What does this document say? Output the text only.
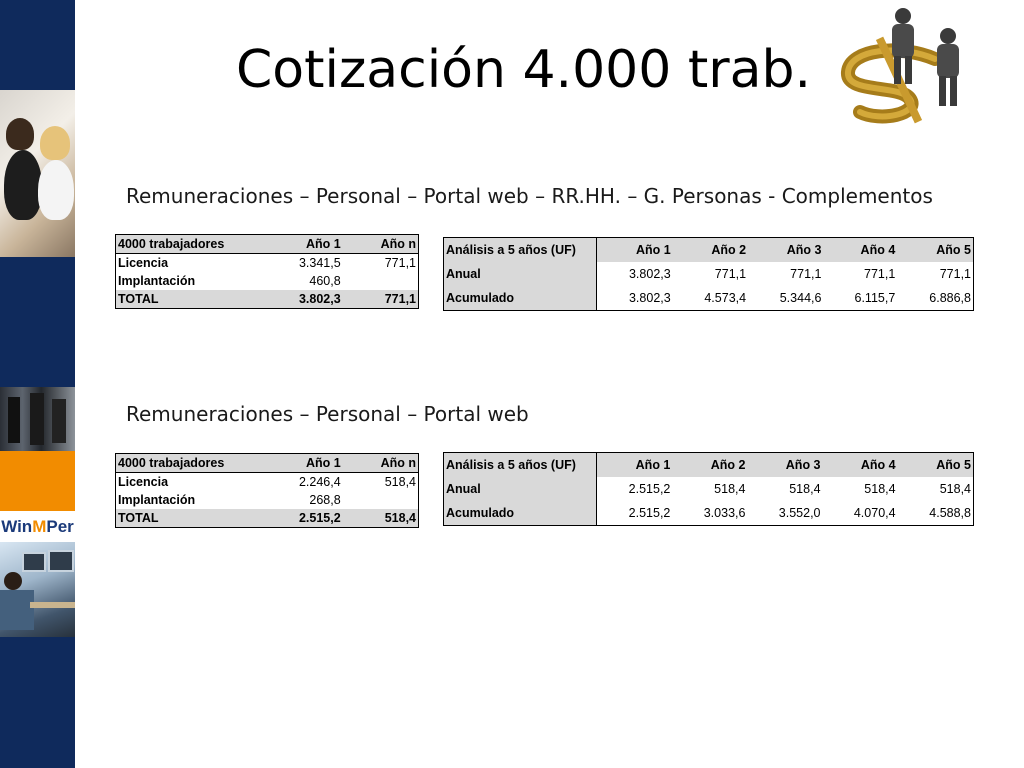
Win M Per
Cotización 4.000 trab.
Remuneraciones – Personal – Portal web – RR.HH. – G. Personas - Complementos
4000 trabajadores	Año 1	Año n
Licencia	3.341,5	771,1
Implantación	460,8	
TOTAL	3.802,3	771,1
Análisis a 5 años (UF)	Año 1	Año 2	Año 3	Año 4	Año 5
Anual	3.802,3	771,1	771,1	771,1	771,1
Acumulado	3.802,3	4.573,4	5.344,6	6.115,7	6.886,8
Remuneraciones – Personal – Portal web
4000 trabajadores	Año 1	Año n
Licencia	2.246,4	518,4
Implantación	268,8	
TOTAL	2.515,2	518,4
Análisis a 5 años (UF)	Año 1	Año 2	Año 3	Año 4	Año 5
Anual	2.515,2	518,4	518,4	518,4	518,4
Acumulado	2.515,2	3.033,6	3.552,0	4.070,4	4.588,8
